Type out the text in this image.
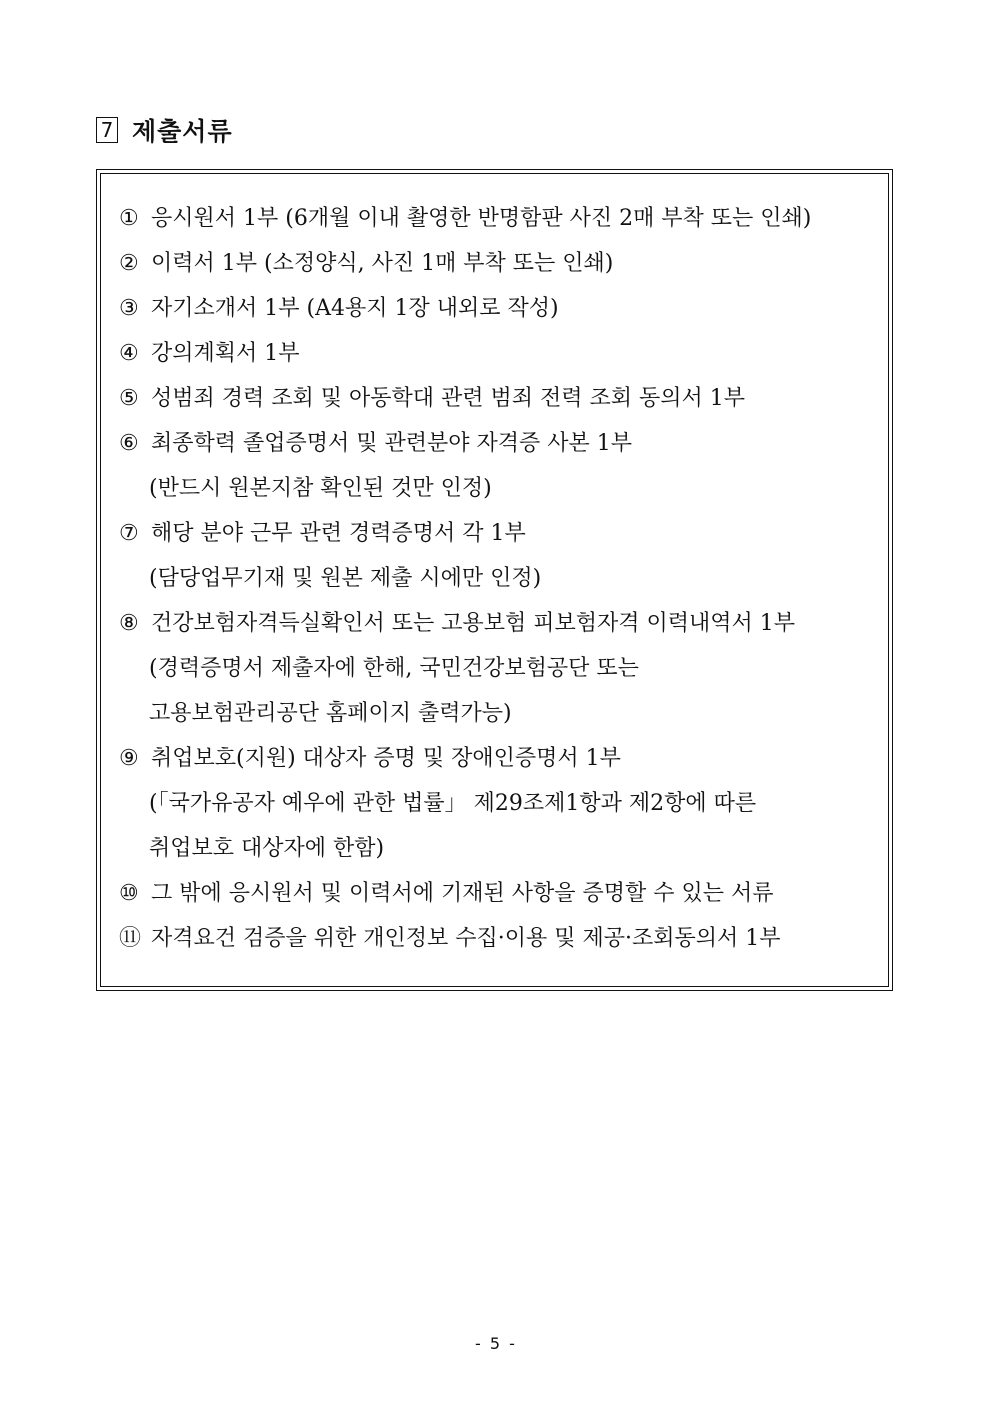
7 제출서류
① 응시원서 1부 (6개월 이내 촬영한 반명함판 사진 2매 부착 또는 인쇄)
② 이력서 1부 (소정양식, 사진 1매 부착 또는 인쇄)
③ 자기소개서 1부 (A4용지 1장 내외로 작성)
④ 강의계획서 1부
⑤ 성범죄 경력 조회 및 아동학대 관련 범죄 전력 조회 동의서 1부
⑥ 최종학력 졸업증명서 및 관련분야 자격증 사본 1부
(반드시 원본지참 확인된 것만 인정)
⑦ 해당 분야 근무 관련 경력증명서 각 1부
(담당업무기재 및 원본 제출 시에만 인정)
⑧ 건강보험자격득실확인서 또는 고용보험 피보험자격 이력내역서 1부
(경력증명서 제출자에 한해, 국민건강보험공단 또는
고용보험관리공단 홈페이지 출력가능)
⑨ 취업보호(지원) 대상자 증명 및 장애인증명서 1부
(「국가유공자 예우에 관한 법률」 제29조제1항과 제2항에 따른
취업보호 대상자에 한함)
⑩ 그 밖에 응시원서 및 이력서에 기재된 사항을 증명할 수 있는 서류
⑪ 자격요건 검증을 위한 개인정보 수집·이용 및 제공·조회동의서 1부
- 5 -
